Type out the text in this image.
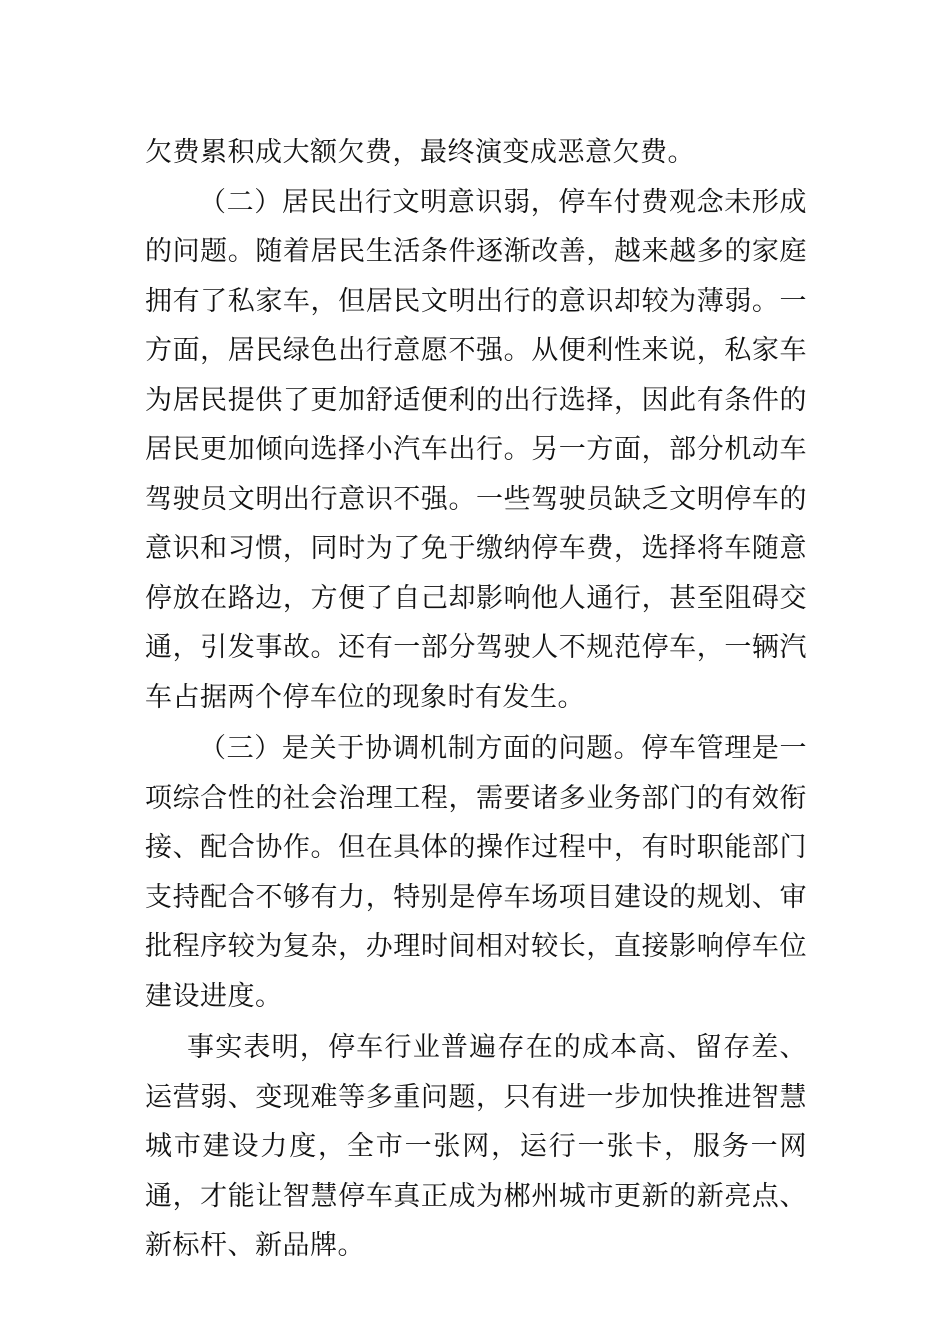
欠费累积成大额欠费，最终演变成恶意欠费。

（二）居民出行文明意识弱，停车付费观念未形成的问题。随着居民生活条件逐渐改善，越来越多的家庭拥有了私家车，但居民文明出行的意识却较为薄弱。一方面，居民绿色出行意愿不强。从便利性来说，私家车为居民提供了更加舒适便利的出行选择，因此有条件的居民更加倾向选择小汽车出行。另一方面，部分机动车驾驶员文明出行意识不强。一些驾驶员缺乏文明停车的意识和习惯，同时为了免于缴纳停车费，选择将车随意停放在路边，方便了自己却影响他人通行，甚至阻碍交通，引发事故。还有一部分驾驶人不规范停车，一辆汽车占据两个停车位的现象时有发生。

（三）是关于协调机制方面的问题。停车管理是一项综合性的社会治理工程，需要诸多业务部门的有效衔接、配合协作。但在具体的操作过程中，有时职能部门支持配合不够有力，特别是停车场项目建设的规划、审批程序较为复杂，办理时间相对较长，直接影响停车位建设进度。

事实表明，停车行业普遍存在的成本高、留存差、运营弱、变现难等多重问题，只有进一步加快推进智慧城市建设力度，全市一张网，运行一张卡，服务一网通，才能让智慧停车真正成为郴州城市更新的新亮点、新标杆、新品牌。
